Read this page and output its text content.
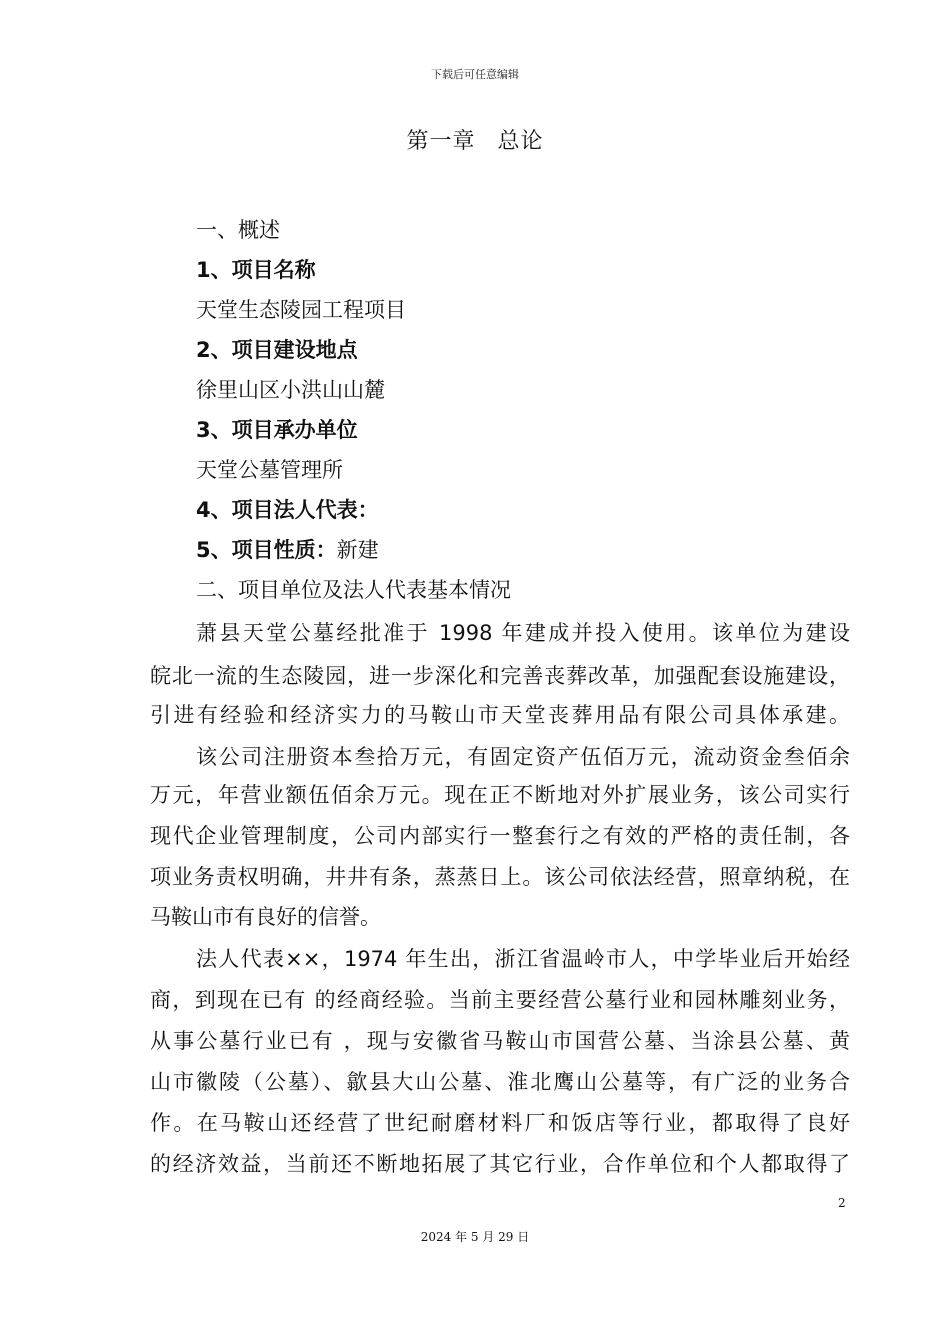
下载后可任意编辑
第一章 总论
一、概述
1、项目名称
天堂生态陵园工程项目
2、项目建设地点
徐里山区小洪山山麓
3、项目承办单位
天堂公墓管理所
4、项目法人代表：
5、项目性质：新建
二、项目单位及法人代表基本情况
萧县天堂公墓经批准于 1998 年建成并投入使用。该单位为建设
皖北一流的生态陵园，进一步深化和完善丧葬改革，加强配套设施建设，
引进有经验和经济实力的马鞍山市天堂丧葬用品有限公司具体承建。
该公司注册资本叁拾万元，有固定资产伍佰万元，流动资金叁佰余
万元，年营业额伍佰余万元。现在正不断地对外扩展业务，该公司实行
现代企业管理制度，公司内部实行一整套行之有效的严格的责任制，各
项业务责权明确，井井有条，蒸蒸日上。该公司依法经营，照章纳税，在
马鞍山市有良好的信誉。
法人代表××，1974 年生出，浙江省温岭市人，中学毕业后开始经
商，到现在已有 的经商经验。当前主要经营公墓行业和园林雕刻业务，
从事公墓行业已有 ，现与安徽省马鞍山市国营公墓、当涂县公墓、黄
山市徽陵（公墓）、歙县大山公墓、淮北鹰山公墓等，有广泛的业务合
作。在马鞍山还经营了世纪耐磨材料厂和饭店等行业，都取得了良好
的经济效益，当前还不断地拓展了其它行业，合作单位和个人都取得了
2
2024 年 5 月 29 日
